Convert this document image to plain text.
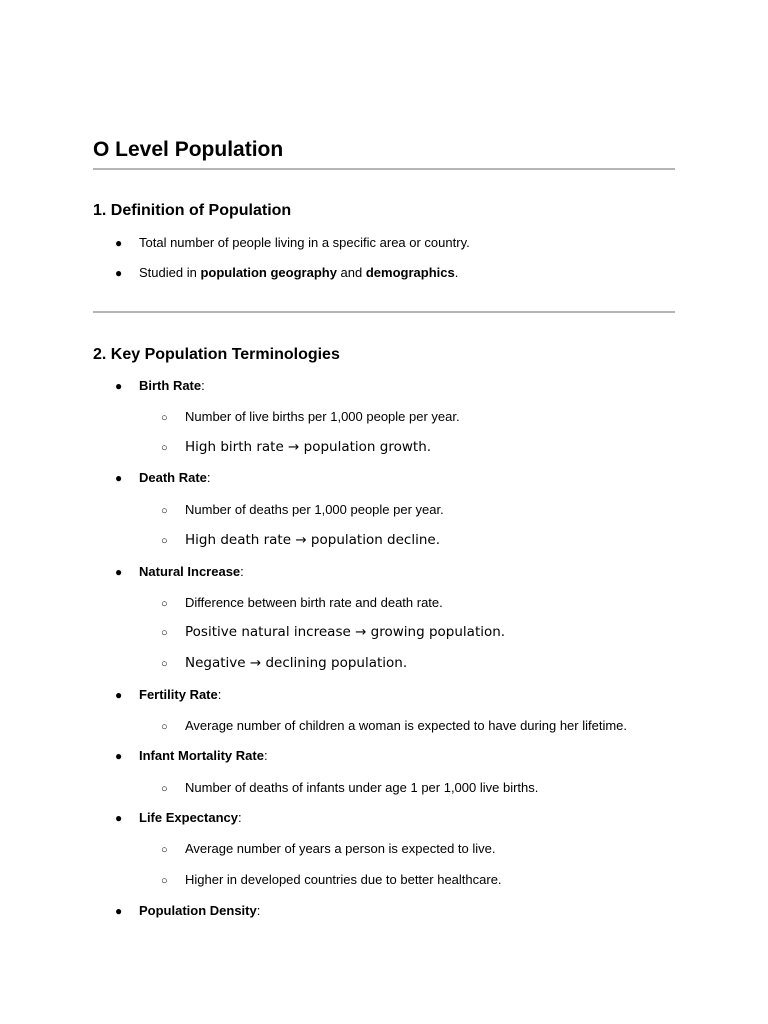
O Level Population
1. Definition of Population
● Total number of people living in a specific area or country.
● Studied in population geography and demographics.
2. Key Population Terminologies
● Birth Rate:
○ Number of live births per 1,000 people per year.
○ High birth rate → population growth.
● Death Rate:
○ Number of deaths per 1,000 people per year.
○ High death rate → population decline.
● Natural Increase:
○ Difference between birth rate and death rate.
○ Positive natural increase → growing population.
○ Negative → declining population.
● Fertility Rate:
○ Average number of children a woman is expected to have during her lifetime.
● Infant Mortality Rate:
○ Number of deaths of infants under age 1 per 1,000 live births.
● Life Expectancy:
○ Average number of years a person is expected to live.
○ Higher in developed countries due to better healthcare.
● Population Density:
